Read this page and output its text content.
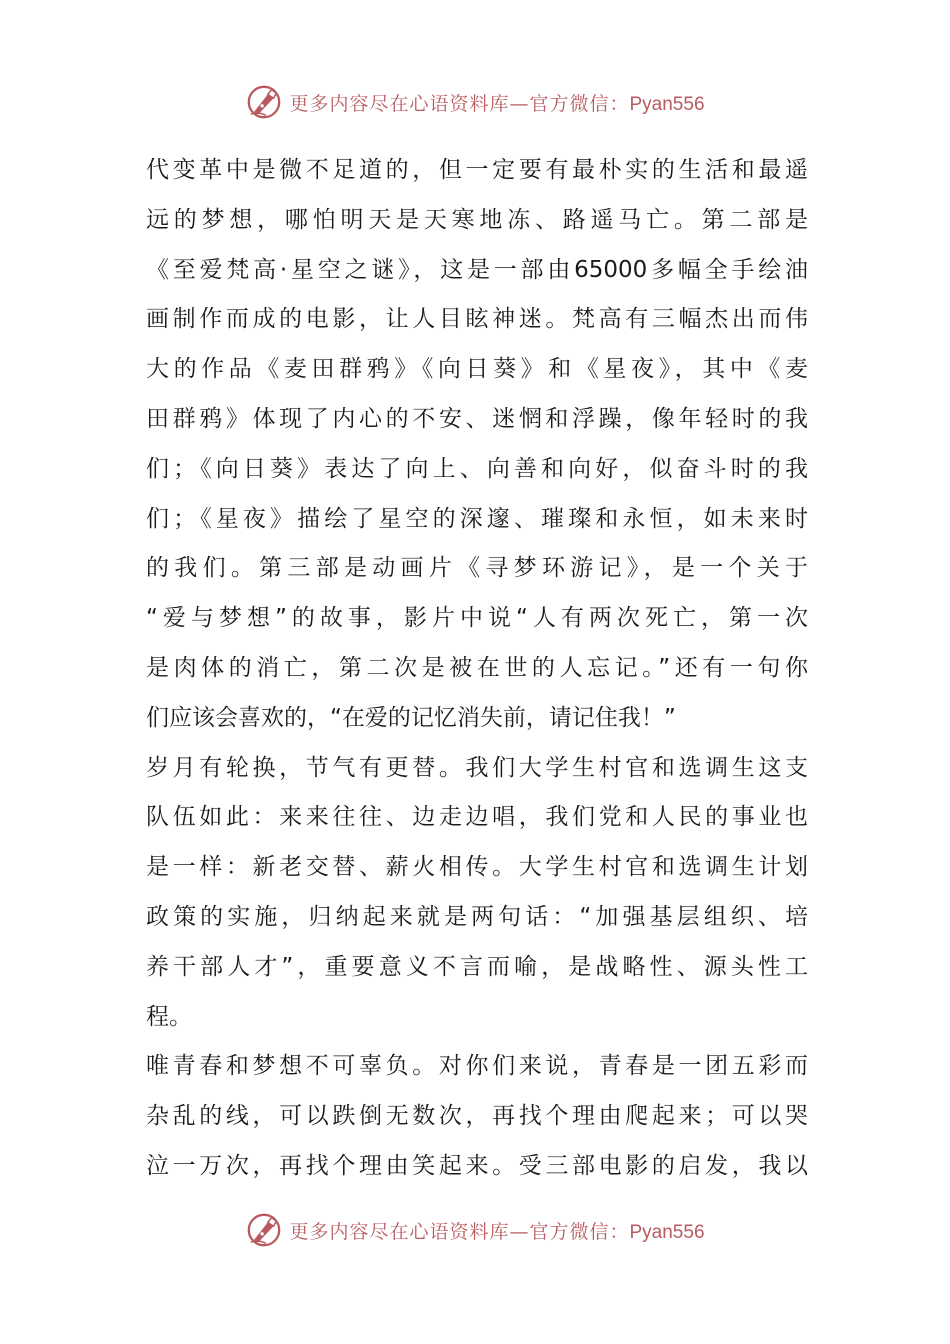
更多内容尽在心语资料库—官方微信：Pyan556
代变革中是微不足道的，但一定要有最朴实的生活和最遥
远的梦想，哪怕明天是天寒地冻、路遥马亡。第二部是
《至爱梵高·星空之谜》，这是一部由65000多幅全手绘油
画制作而成的电影，让人目眩神迷。梵高有三幅杰出而伟
大的作品《麦田群鸦》《向日葵》和《星夜》，其中《麦
田群鸦》体现了内心的不安、迷惘和浮躁，像年轻时的我
们；《向日葵》表达了向上、向善和向好，似奋斗时的我
们；《星夜》描绘了星空的深邃、璀璨和永恒，如未来时
的我们。第三部是动画片《寻梦环游记》，是一个关于
“爱与梦想”的故事，影片中说“人有两次死亡，第一次
是肉体的消亡，第二次是被在世的人忘记。”还有一句你
们应该会喜欢的，“在爱的记忆消失前，请记住我！”
岁月有轮换，节气有更替。我们大学生村官和选调生这支
队伍如此：来来往往、边走边唱，我们党和人民的事业也
是一样：新老交替、薪火相传。大学生村官和选调生计划
政策的实施，归纳起来就是两句话：“加强基层组织、培
养干部人才”，重要意义不言而喻，是战略性、源头性工
程。
唯青春和梦想不可辜负。对你们来说，青春是一团五彩而
杂乱的线，可以跌倒无数次，再找个理由爬起来；可以哭
泣一万次，再找个理由笑起来。受三部电影的启发，我以
更多内容尽在心语资料库—官方微信：Pyan556
